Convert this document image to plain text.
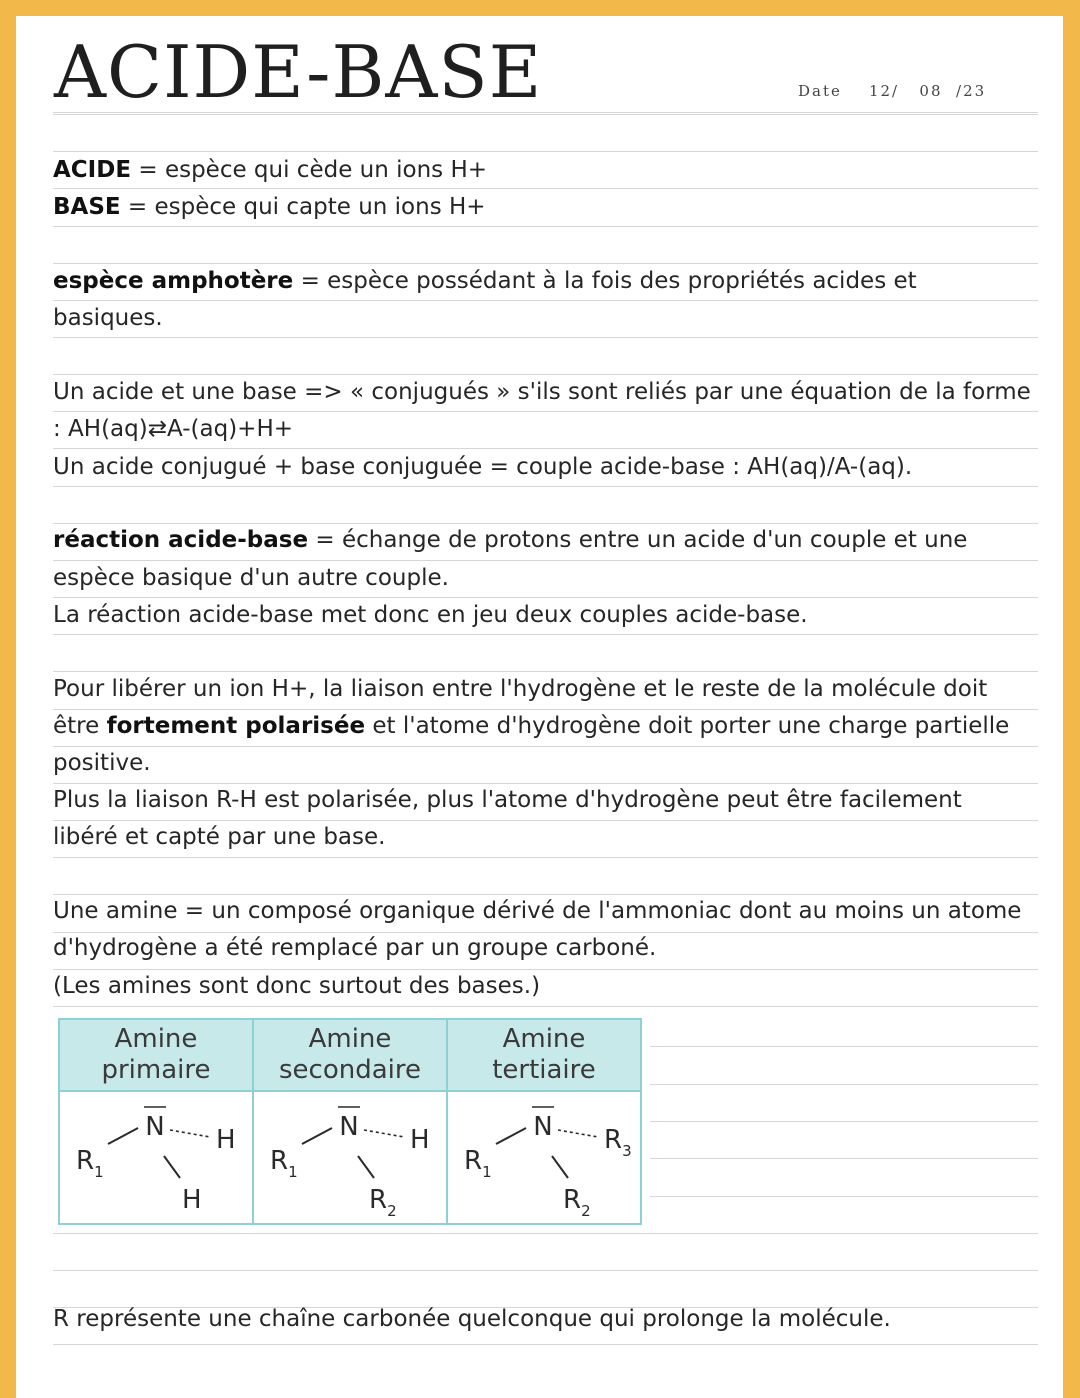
ACIDE-BASE	Date 12/ 08 /23
ACIDE = espèce qui cède un ions H+
BASE = espèce qui capte un ions H+
espèce amphotère = espèce possédant à la fois des propriétés acides et
basiques.
Un acide et une base => « conjugués » s'ils sont reliés par une équation de la forme
: AH(aq)⇄A-(aq)+H+
Un acide conjugué + base conjuguée = couple acide-base : AH(aq)/A-(aq).
réaction acide-base = échange de protons entre un acide d'un couple et une
espèce basique d'un autre couple.
La réaction acide-base met donc en jeu deux couples acide-base.
Pour libérer un ion H+, la liaison entre l'hydrogène et le reste de la molécule doit
être fortement polarisée et l'atome d'hydrogène doit porter une charge partielle
positive.
Plus la liaison R-H est polarisée, plus l'atome d'hydrogène peut être facilement
libéré et capté par une base.
Une amine = un composé organique dérivé de l'ammoniac dont au moins un atome
d'hydrogène a été remplacé par un groupe carboné.
(Les amines sont donc surtout des bases.)
Amine
primaire
N
$R_1$
H
H
Amine
secondaire
N
$R_1$
H
$R_2$
Amine
tertiaire
N
$R_1$
$R_3$
$R_2$
R représente une chaîne carbonée quelconque qui prolonge la molécule.
